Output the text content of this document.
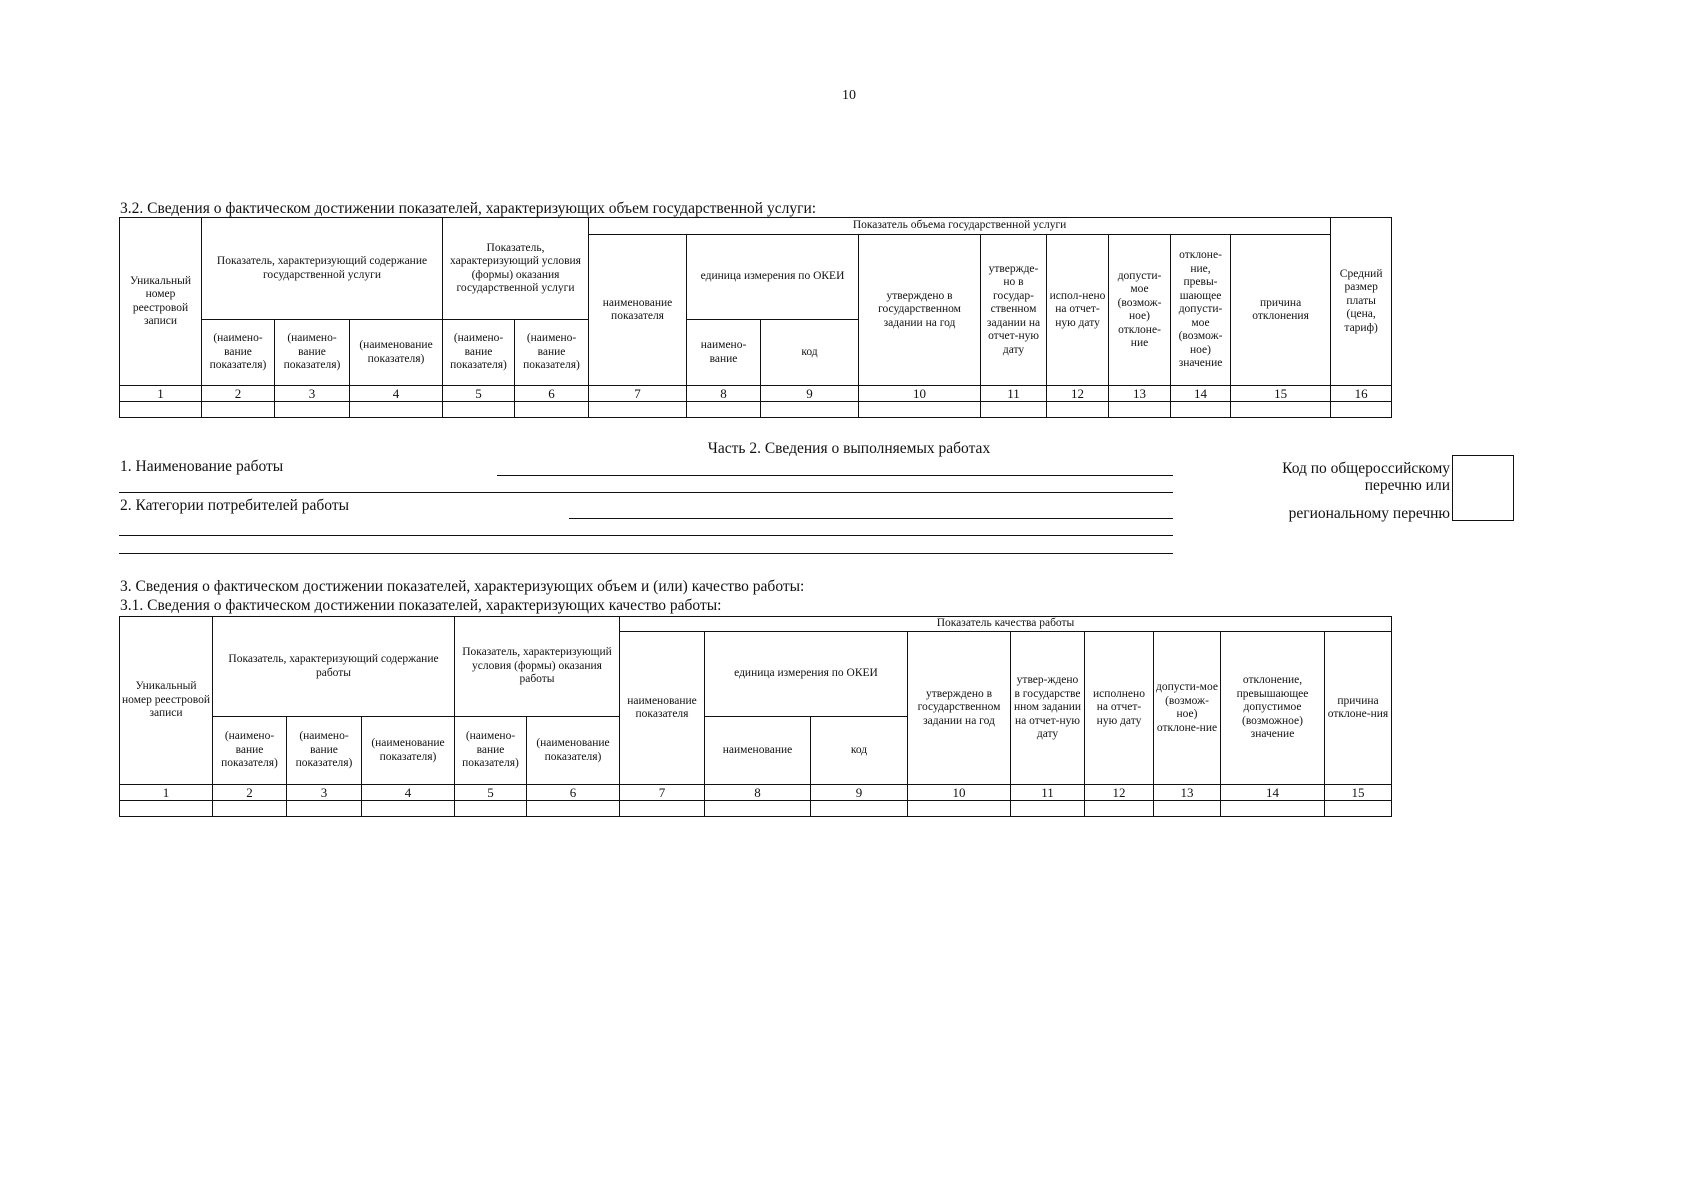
10
3.2. Сведения о фактическом достижении показателей, характеризующих объем государственной услуги:
Уникальный номер реестровой записи	Показатель, характеризующий содержание государственной услуги			Показатель, характеризующий условия (формы) оказания государственной услуги		Показатель объема государственной услуги									Средний размер платы (цена, тариф)
						наименование показателя	единица измерения по ОКЕИ		утверждено в государственном задании на год	утвержде-но в государ-ственном задании на отчет-ную дату	испол-нено на отчет-ную дату	допусти-мое (возмож-ное) отклоне-ние	отклоне-ние, превы-шающее допусти-мое (возмож-ное) значение	причина отклонения	
	(наимено-вание показателя)	(наимено-вание показателя)	(наименование показателя)	(наимено-вание показателя)	(наимено-вание показателя)		наимено-вание	код							
1	2	3	4	5	6	7	8	9	10	11	12	13	14	15	16

Часть 2. Сведения о выполняемых работах
1. Наименование работы
2. Категории потребителей работы
Код по общероссийскому
перечню или
региональному перечню
3. Сведения о фактическом достижении показателей, характеризующих объем и (или) качество работы:
3.1. Сведения о фактическом достижении показателей, характеризующих качество работы:
Уникальный номер реестровой записи	Показатель, характеризующий содержание работы			Показатель, характеризующий условия (формы) оказания работы		Показатель качества работы								
						наименование показателя	единица измерения по ОКЕИ		утверждено в государственном задании на год	утвер-ждено в государстве нном задании на отчет-ную дату	исполнено на отчет-ную дату	допусти-мое (возмож-ное) отклоне-ние	отклонение, превышающее допустимое (возможное) значение	причина отклоне-ния
	(наимено-вание показателя)	(наимено-вание показателя)	(наименование показателя)	(наимено-вание показателя)	(наименование показателя)		наименование	код						
1	2	3	4	5	6	7	8	9	10	11	12	13	14	15
